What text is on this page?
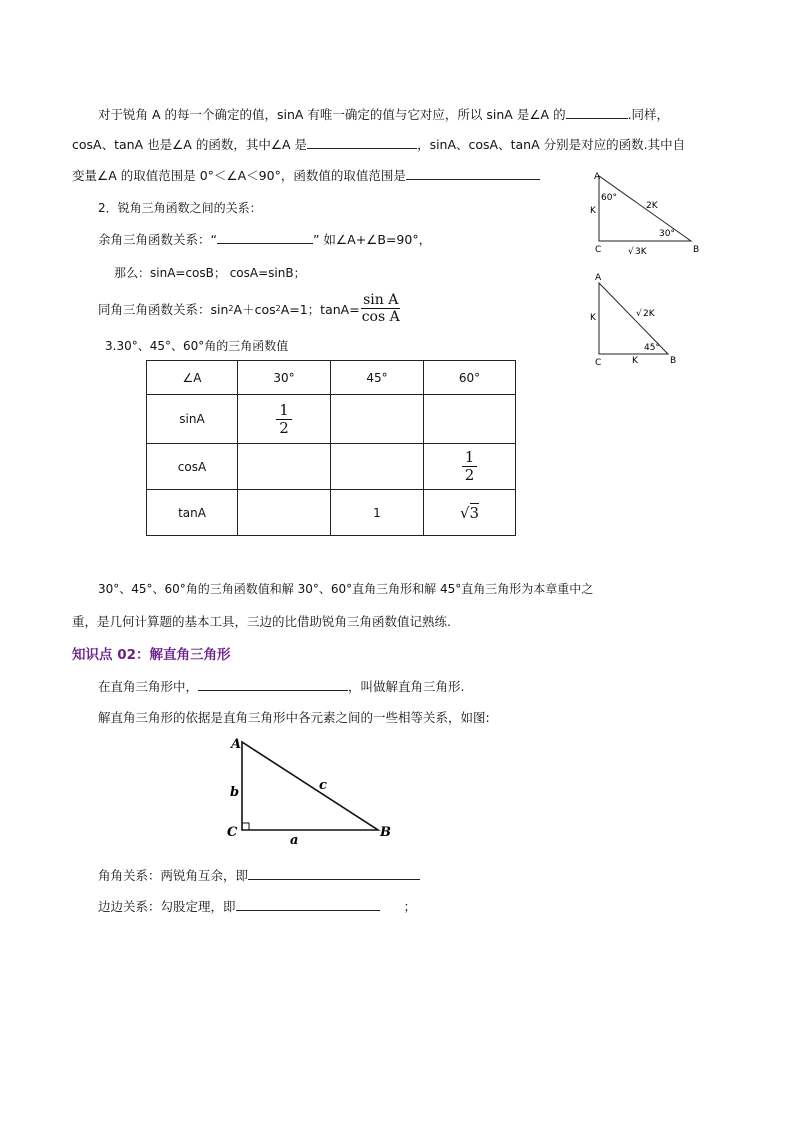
对于锐角 A 的每一个确定的值，sinA 有唯一确定的值与它对应，所以 sinA 是∠A 的	.同样，
cosA、tanA 也是∠A 的函数，其中∠A 是	，sinA、cosA、tanA 分别是对应的函数.其中自
变量∠A 的取值范围是 0°＜∠A＜90°，函数值的取值范围是
2．锐角三角函数之间的关系：
余角三角函数关系：“	” 如∠A+∠B=90°，
那么：sinA=cosB； cosA=sinB；
同角三角函数关系：sin 2 A＋cos 2 A=1；$\tan A= \frac{\text{sin A}}{\text{cos A}}$
3.30°、45°、60°角的三角函数值
∠A	30°	45°	60°
sinA	$\frac{1}{2}$

cosA			$\frac{1}{2}$

tanA		1	√3
30°、45°、60°角的三角函数值和解 30°、60°直角三角形和解 45°直角三角形为本章重中之
重，是几何计算题的基本工具，三边的比借助锐角三角函数值记熟练.
知识点 02：解直角三角形
在直角三角形中，	，叫做解直角三角形.
解直角三角形的依据是直角三角形中各元素之间的一些相等关系，如图:
角角关系：两锐角互余，即
边边关系：勾股定理，即	；
A
C	B
60°
30°
K	2K
√ 3K
A
C	B
45°
K
K
√ 2K
A
C	B
b	c
a
